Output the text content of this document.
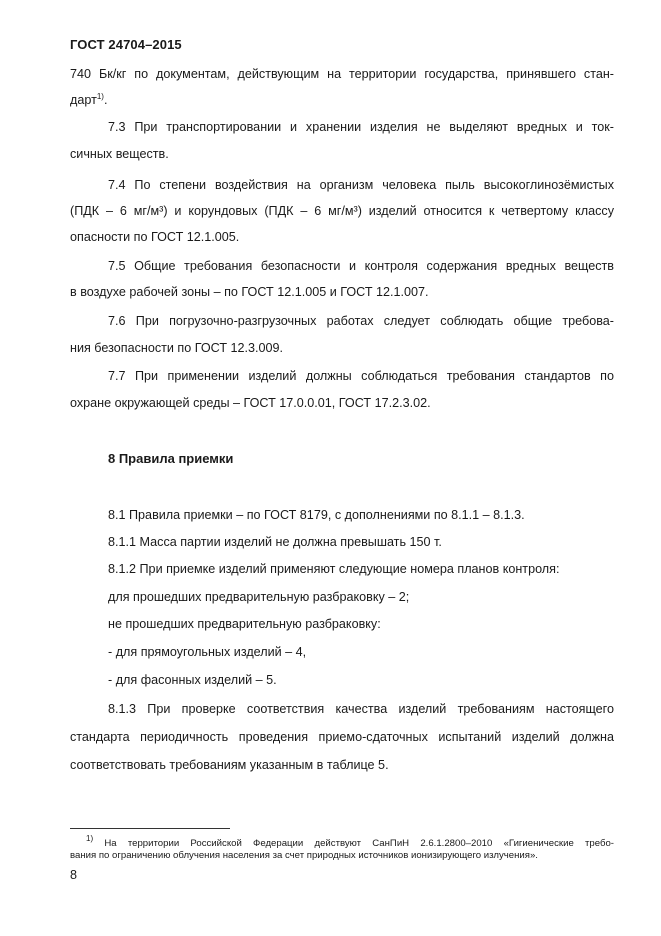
ГОСТ 24704–2015
740 Бк/кг по документам, действующим на территории государства, принявшего стан-
дарт$^{1)}$.
7.3 При транспортировании и хранении изделия не выделяют вредных и ток-
сичных веществ.
7.4 По степени воздействия на организм человека пыль высокоглинозёмистых
(ПДК – 6 мг/м³) и корундовых (ПДК – 6 мг/м³) изделий относится к четвертому классу
опасности по ГОСТ 12.1.005.
7.5 Общие требования безопасности и контроля содержания вредных веществ
в воздухе рабочей зоны – по ГОСТ 12.1.005 и ГОСТ 12.1.007.
7.6 При погрузочно-разгрузочных работах следует соблюдать общие требова-
ния безопасности по ГОСТ 12.3.009.
7.7 При применении изделий должны соблюдаться требования стандартов по
охране окружающей среды – ГОСТ 17.0.0.01, ГОСТ 17.2.3.02.
8 Правила приемки
8.1 Правила приемки – по ГОСТ 8179, с дополнениями по 8.1.1 – 8.1.3.
8.1.1 Масса партии изделий не должна превышать 150 т.
8.1.2 При приемке изделий применяют следующие номера планов контроля:
для прошедших предварительную разбраковку – 2;
не прошедших предварительную разбраковку:
- для прямоугольных изделий – 4,
- для фасонных изделий – 5.
8.1.3 При проверке соответствия качества изделий требованиям настоящего
стандарта периодичность проведения приемо-сдаточных испытаний изделий должна
соответствовать требованиям указанным в таблице 5.
$^{1)}$ На территории Российской Федерации действуют СанПиН 2.6.1.2800–2010 «Гигиенические требо-
вания по ограничению облучения населения за счет природных источников ионизирующего излучения».
8
